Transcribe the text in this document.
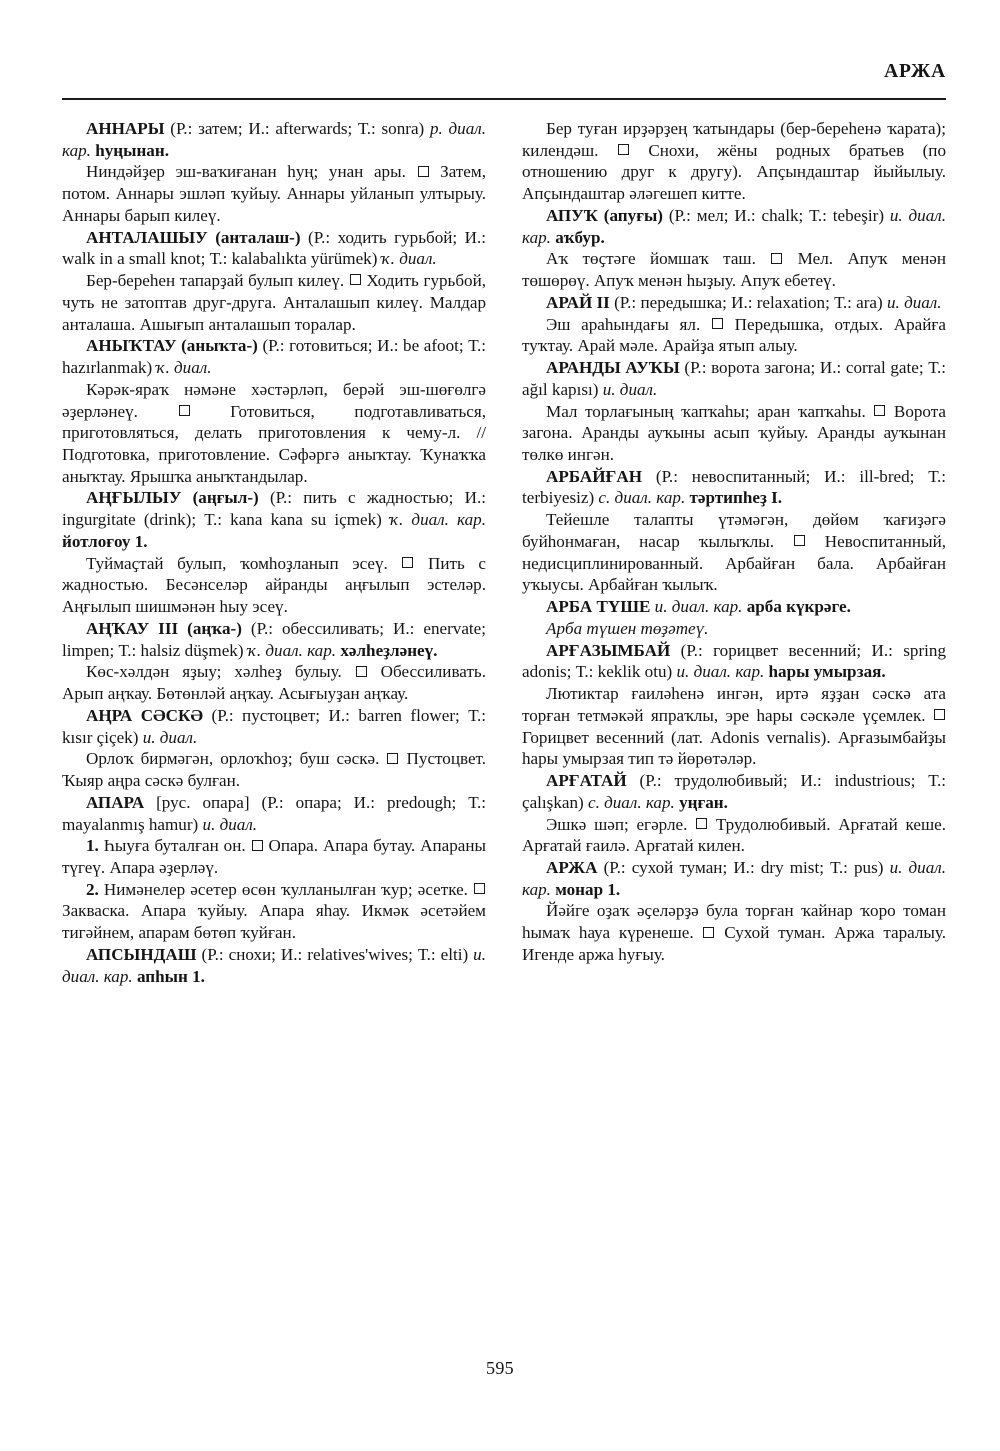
АРЖА

АННАРЫ (Р.: затем; И.: afterwards; Т.: sonra) р. диал. кар. һуңынан.

Ниндәйҙер эш-ваҡиғанан һуң; унан ары.  Затем, потом. Аннары эшләп ҡуйыу. Аннары уйланып ултырыу. Аннары барып килеү.

АНТАЛАШЫУ (анталаш-) (Р.: ходить гурьбой; И.: walk in a small knot; Т.: kalabalıkta yürümek) ҡ. диал.

Бер-береһен тапарҙай булып килеү.  Ходить гурьбой, чуть не затоптав друг-друга. Анталашып килеү. Малдар анталаша. Ашығып анталашып торалар.

АНЫҠТАУ (аныҡта-) (Р.: готовиться; И.: be afoot; Т.: hazırlanmak) ҡ. диал.

Кәрәк-яраҡ нәмәне хәстәрләп, берәй эш-шөғөлгә әҙерләнеү.  Готовиться, подготавливаться, приготовляться, делать приготовления к чему-л. // Подготовка, приготовление. Сәфәргә аныҡтау. Ҡунаҡҡа аныҡтау. Ярышҡа аныҡтандылар.

АҢҒЫЛЫУ (аңғыл-) (Р.: пить с жадностью; И.: ingurgitate (drink); Т.: kana kana su içmek) ҡ. диал. кар. йотлоғоу 1.

Туймаҫтай булып, ҡомһоҙланып эсеү.  Пить с жадностью. Бесәнселәр айранды аңғылып эстеләр. Аңғылып шишмәнән һыу эсеү.

АҢҠАУ III (аңҡа-) (Р.: обессиливать; И.: enervate; limpen; Т.: halsiz düşmek) ҡ. диал. кар. хәлһеҙләнеү.

Көс-хәлдән яҙыу; хәлһеҙ булыу.  Обессиливать. Арып аңҡау. Бөтөнләй аңҡау. Асығыуҙан аңҡау.

АҢРА СӘСКӘ (Р.: пустоцвет; И.: barren flower; Т.: kısır çiçek) и. диал.

Орлоҡ бирмәгән, орлоҡһоҙ; буш сәскә.  Пустоцвет. Ҡыяр аңра сәскә булған.

АПАРА [рус. опара] (Р.: опара; И.: predough; Т.: mayalanmış hamur) и. диал.

1. Һыуға буталған он.  Опара. Апара бутау. Апараны түгеү. Апара әҙерләү.

2. Нимәнелер әсетер өсөн ҡулланылған ҡур; әсетке.  Закваска. Апара ҡуйыу. Апара яһау. Икмәк әсетәйем тигәйнем, апарам бөтөп ҡуйған.

АПСЫНДАШ (Р.: снохи; И.: relatives'wives; Т.: elti) и. диал. кар. апһын 1.

Бер туған ирҙәрҙең ҡатындары (бер-береһенә ҡарата); килендәш.  Снохи, жёны родных братьев (по отношению друг к другу). Апҫындаштар йыйылыу. Апҫындаштар әләгешеп китте.

АПУҠ (апуғы) (Р.: мел; И.: chalk; Т.: tebeşir) и. диал. кар. аҡбур.

Аҡ төҫтәге йомшаҡ таш.  Мел. Апуҡ менән төшөрөү. Апуҡ менән һыҙыу. Апуҡ ебетеү.

АРАЙ II (Р.: передышка; И.: relaxation; Т.: ara) и. диал.

Эш араһындағы ял.  Передышка, отдых. Арайға туҡтау. Арай мәле. Арайҙа ятып алыу.

АРАНДЫ АУҠЫ (Р.: ворота загона; И.: corral gate; Т.: ağıl kapısı) и. диал.

Мал торлағының ҡапҡаһы; аран ҡапҡаһы.  Ворота загона. Аранды ауҡыны асып ҡуйыу. Аранды ауҡынан төлкө ингән.

АРБАЙҒАН (Р.: невоспитанный; И.: ill-bred; Т.: terbiyesiz) с. диал. кар. тәртипһеҙ I.

Тейешле талапты үтәмәгән, дөйөм ҡағиҙәгә буйһонмаған, насар ҡылыҡлы.  Невоспитанный, недисциплинированный. Арбайған бала. Арбайған уҡыусы. Арбайған ҡылыҡ.

АРБА ТҮШЕ и. диал. кар. арба күкрәге.

Арба түшен төҙәтеү.

АРҒАЗЫМБАЙ (Р.: горицвет весенний; И.: spring adonis; Т.: keklik otu) и. диал. кар. һары умырзая.

Лютиктар ғаиләһенә ингән, иртә яҙҙан сәскә ата торған тетмәкәй япраҡлы, эре һары сәскәле үҫемлек.  Горицвет весенний (лат. Adonis vernalis). Арғазымбайҙы һары умырзая тип тә йөрөтәләр.

АРҒАТАЙ (Р.: трудолюбивый; И.: industrious; Т.: çalışkan) с. диал. кар. уңған.

Эшкә шәп; егәрле.  Трудолюбивый. Арғатай кеше. Арғатай ғаилә. Арғатай килен.

АРЖА (Р.: сухой туман; И.: dry mist; Т.: pus) и. диал. кар. монар 1.

Йәйге оҙаҡ әҫеләрҙә була торған ҡайнар ҡоро томан һымаҡ һауа күренеше.  Сухой туман. Аржа таралыу. Игенде аржа һуғыу.

595
